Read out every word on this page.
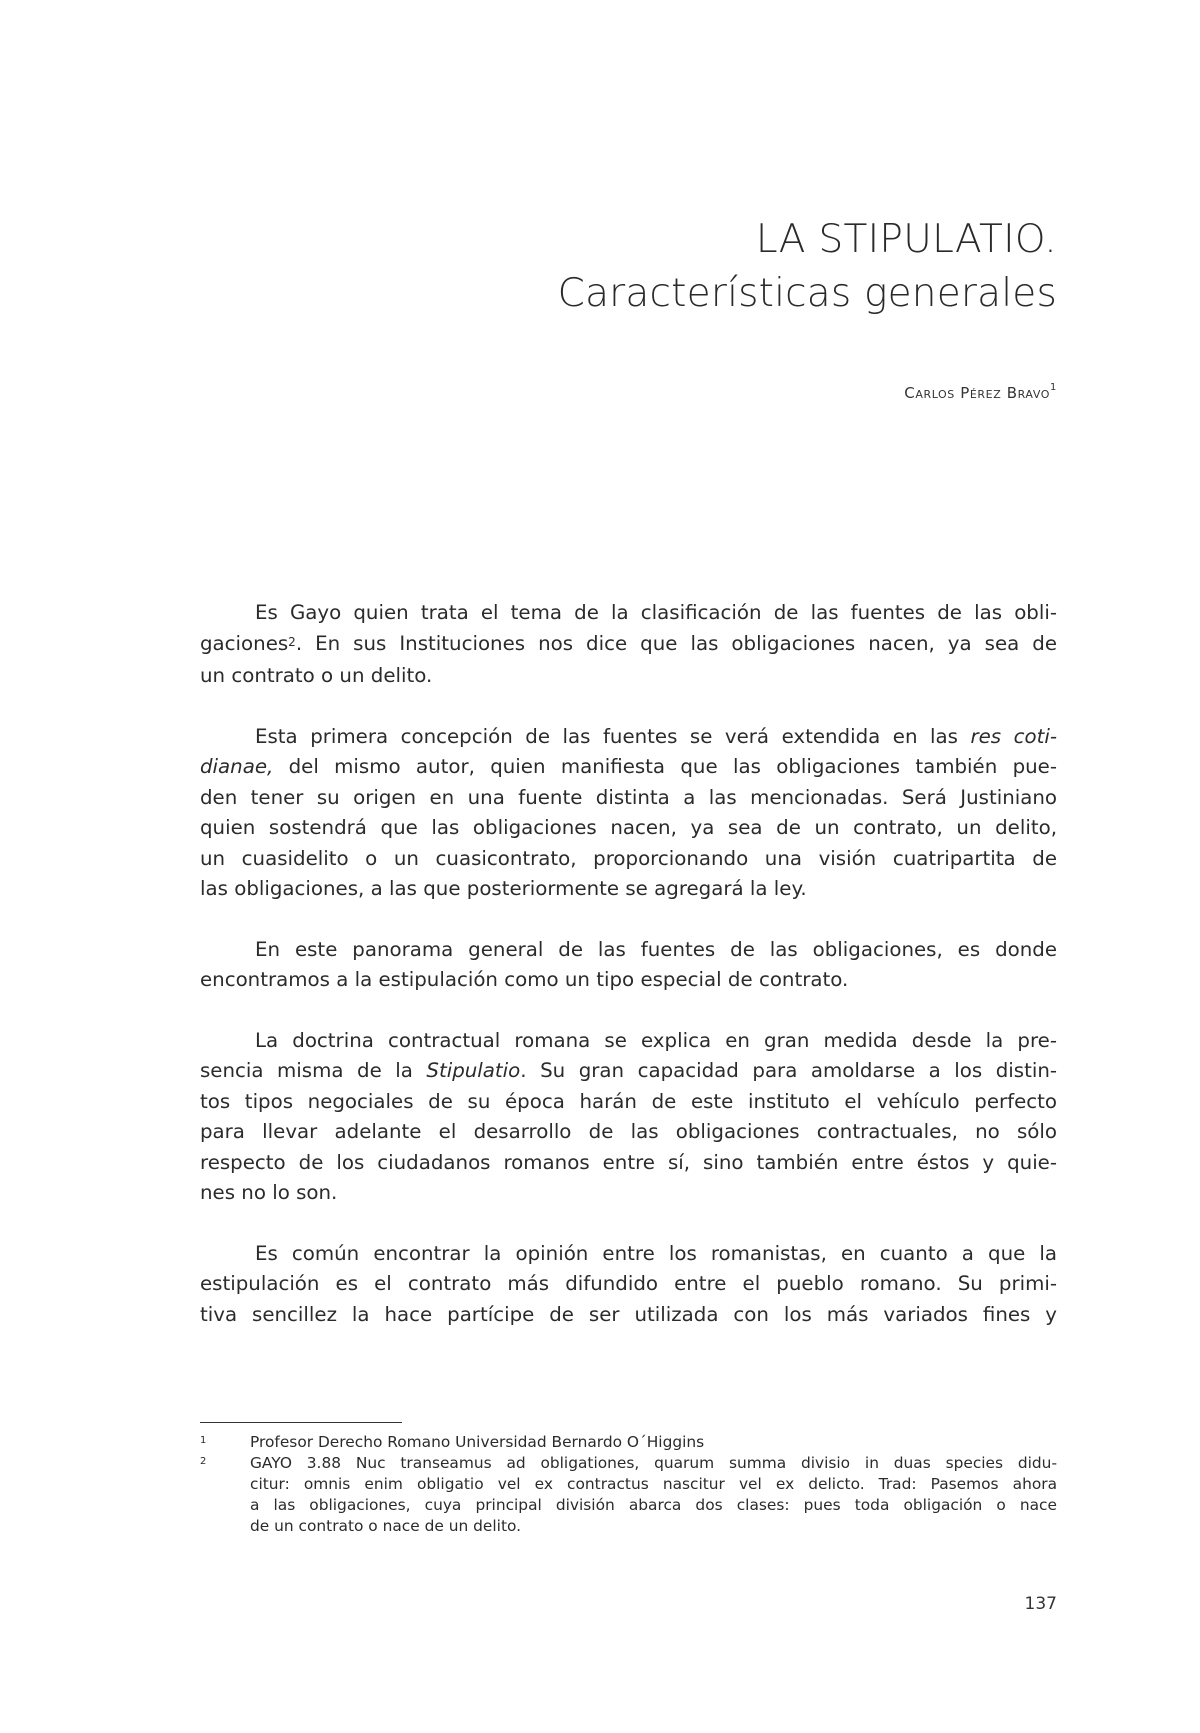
LA STIPULATIO.
Características generales
Carlos Pérez Bravo$^1$
Es Gayo quien trata el tema de la clasificación de las fuentes de las obli-
gaciones$^2$. En sus Instituciones nos dice que las obligaciones nacen, ya sea de
un contrato o un delito.
Esta primera concepción de las fuentes se verá extendida en las res coti-
dianae, del mismo autor, quien manifiesta que las obligaciones también pue-
den tener su origen en una fuente distinta a las mencionadas. Será Justiniano
quien sostendrá que las obligaciones nacen, ya sea de un contrato, un delito,
un cuasidelito o un cuasicontrato, proporcionando una visión cuatripartita de
las obligaciones, a las que posteriormente se agregará la ley.
En este panorama general de las fuentes de las obligaciones, es donde
encontramos a la estipulación como un tipo especial de contrato.
La doctrina contractual romana se explica en gran medida desde la pre-
sencia misma de la Stipulatio. Su gran capacidad para amoldarse a los distin-
tos tipos negociales de su época harán de este instituto el vehículo perfecto
para llevar adelante el desarrollo de las obligaciones contractuales, no sólo
respecto de los ciudadanos romanos entre sí, sino también entre éstos y quie-
nes no lo son.
Es común encontrar la opinión entre los romanistas, en cuanto a que la
estipulación es el contrato más difundido entre el pueblo romano. Su primi-
tiva sencillez la hace partícipe de ser utilizada con los más variados fines y
1	Profesor Derecho Romano Universidad Bernardo O´Higgins
2	GAYO 3.88 Nuc transeamus ad obligationes, quarum summa divisio in duas species didu-
citur: omnis enim obligatio vel ex contractus nascitur vel ex delicto. Trad: Pasemos ahora
a las obligaciones, cuya principal división abarca dos clases: pues toda obligación o nace
de un contrato o nace de un delito.
137
